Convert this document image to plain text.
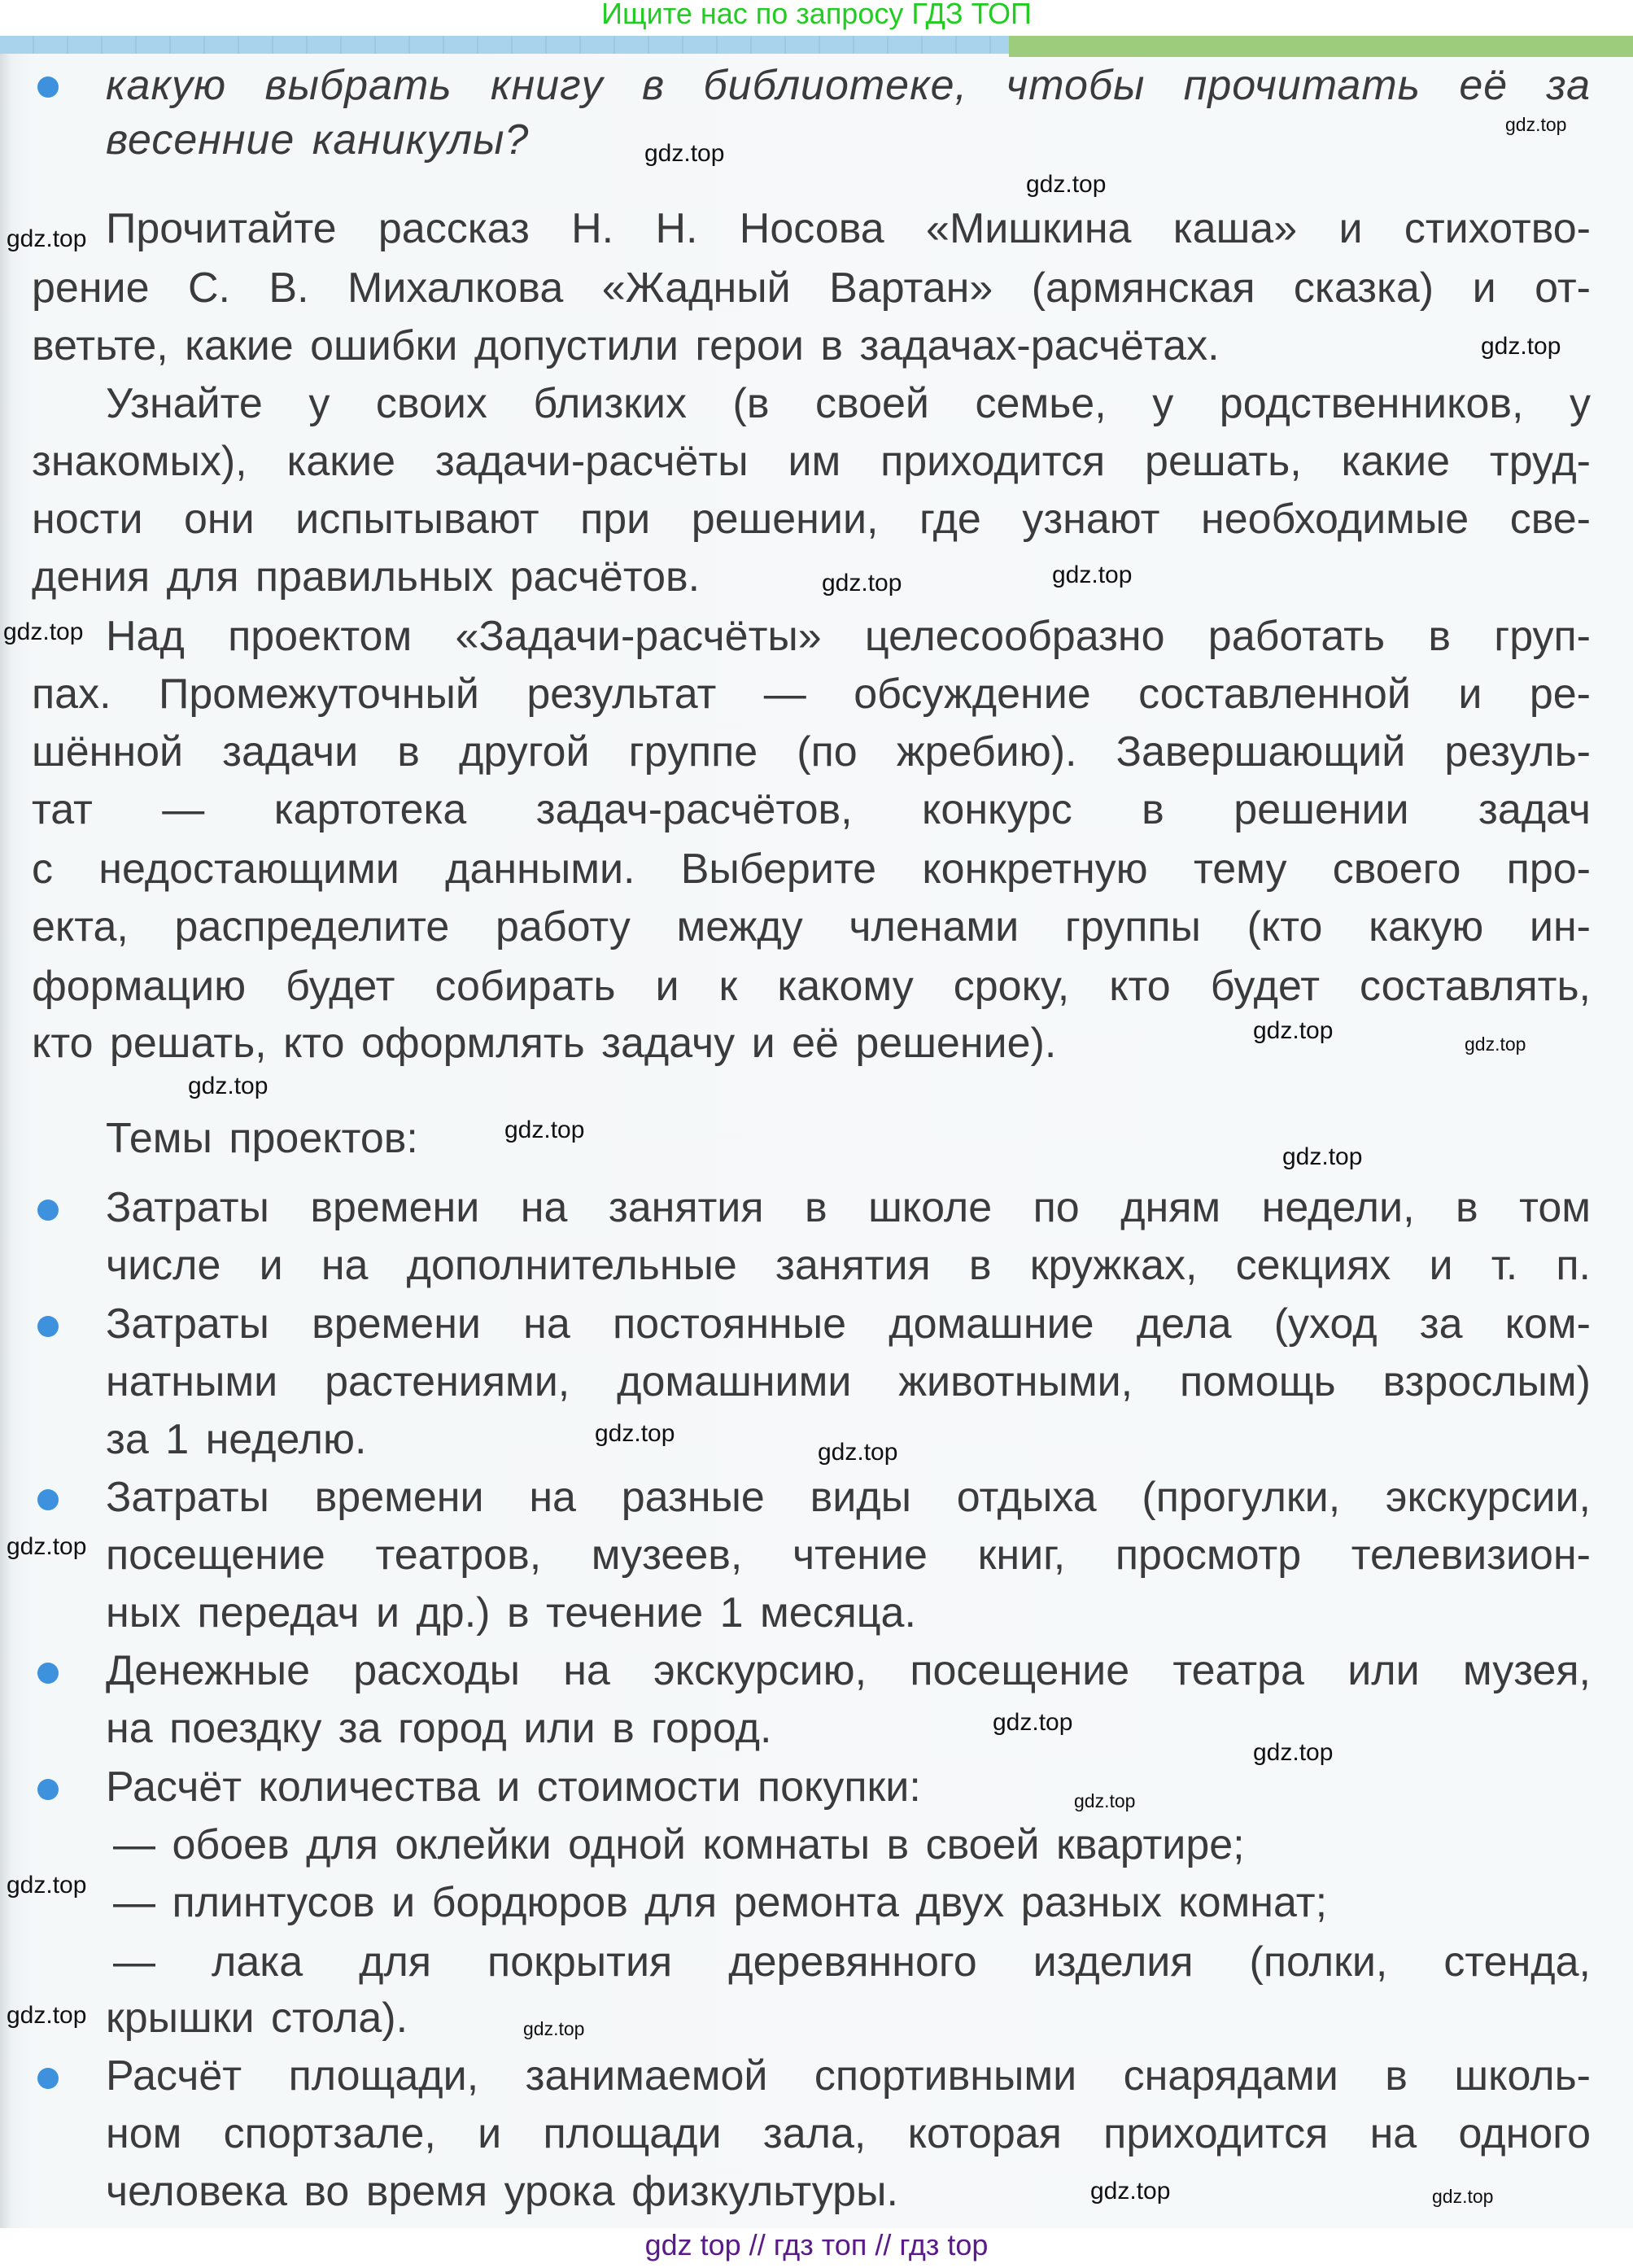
Ищите нас по запросу ГДЗ ТОП
какую выбрать книгу в библиотеке, чтобы прочитать её за
весенние каникулы?
Прочитайте рассказ Н. Н. Носова «Мишкина каша» и стихотво-
рение С. В. Михалкова «Жадный Вартан» (армянская сказка) и от-
ветьте, какие ошибки допустили герои в задачах-расчётах.
Узнайте у своих близких (в своей семье, у родственников, у
знакомых), какие задачи-расчёты им приходится решать, какие труд-
ности они испытывают при решении, где узнают необходимые све-
дения для правильных расчётов.
Над проектом «Задачи-расчёты» целесообразно работать в груп-
пах. Промежуточный результат — обсуждение составленной и ре-
шённой задачи в другой группе (по жребию). Завершающий резуль-
тат — картотека задач-расчётов, конкурс в решении задач
с недостающими данными. Выберите конкретную тему своего про-
екта, распределите работу между членами группы (кто какую ин-
формацию будет собирать и к какому сроку, кто будет составлять,
кто решать, кто оформлять задачу и её решение).
Темы проектов:
Затраты времени на занятия в школе по дням недели, в том
числе и на дополнительные занятия в кружках, секциях и т. п.
Затраты времени на постоянные домашние дела (уход за ком-
натными растениями, домашними животными, помощь взрослым)
за 1 неделю.
Затраты времени на разные виды отдыха (прогулки, экскурсии,
посещение театров, музеев, чтение книг, просмотр телевизион-
ных передач и др.) в течение 1 месяца.
Денежные расходы на экскурсию, посещение театра или музея,
на поездку за город или в город.
Расчёт количества и стоимости покупки:
— обоев для оклейки одной комнаты в своей квартире;
— плинтусов и бордюров для ремонта двух разных комнат;
— лака для покрытия деревянного изделия (полки, стенда,
крышки стола).
Расчёт площади, занимаемой спортивными снарядами в школь-
ном спортзале, и площади зала, которая приходится на одного
человека во время урока физкультуры.
gdz.top
gdz.top
gdz.top
gdz.top
gdz.top
gdz.top
gdz.top
gdz.top
gdz.top
gdz.top
gdz.top
gdz.top
gdz.top
gdz.top
gdz.top
gdz.top
gdz.top
gdz.top
gdz.top
gdz.top
gdz.top	gdz.top
gdz.top
gdz.top
gdz top // гдз топ // гдз top
